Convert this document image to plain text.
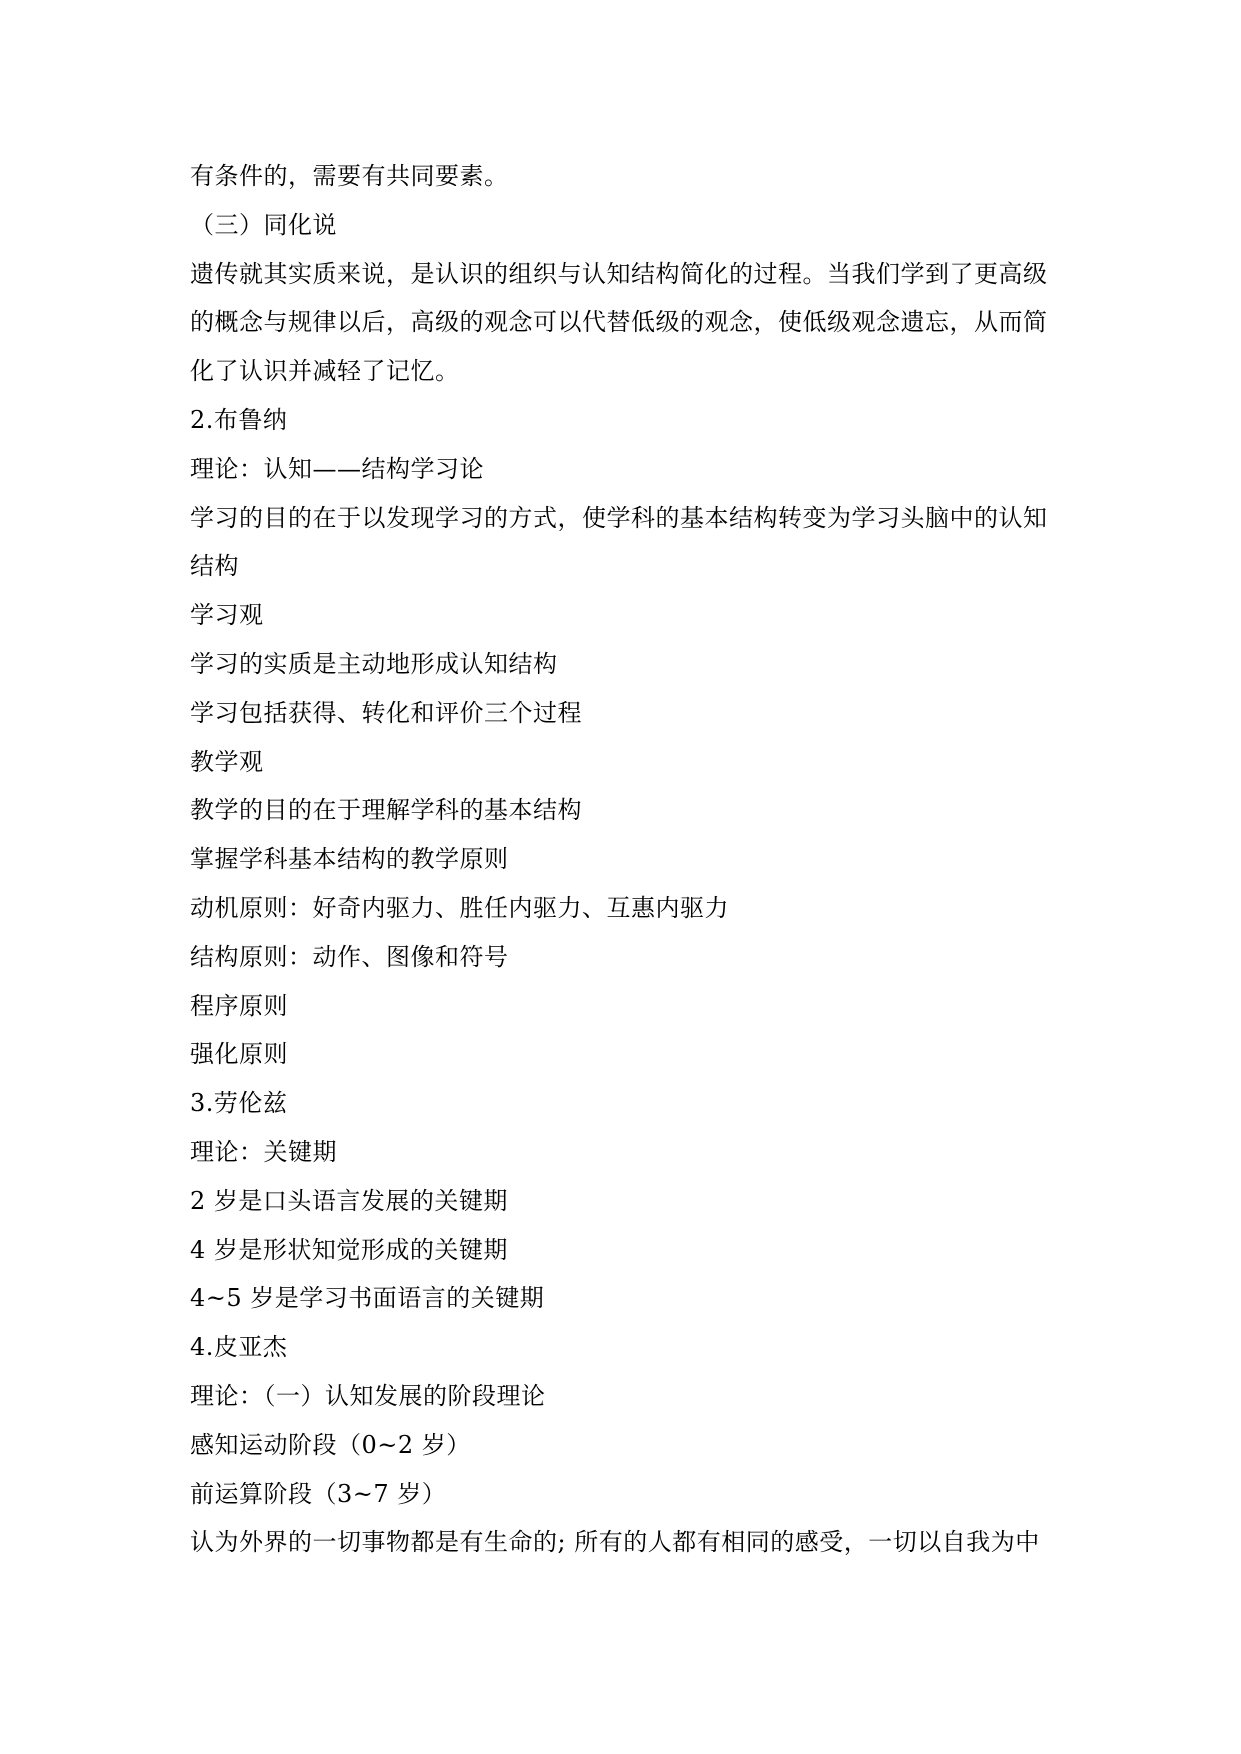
有条件的，需要有共同要素。
（三）同化说
遗传就其实质来说，是认识的组织与认知结构简化的过程。当我们学到了更高级
的概念与规律以后，高级的观念可以代替低级的观念，使低级观念遗忘，从而简
化了认识并减轻了记忆。
2.布鲁纳
理论：认知——结构学习论
学习的目的在于以发现学习的方式，使学科的基本结构转变为学习头脑中的认知
结构
学习观
学习的实质是主动地形成认知结构
学习包括获得、转化和评价三个过程
教学观
教学的目的在于理解学科的基本结构
掌握学科基本结构的教学原则
动机原则：好奇内驱力、胜任内驱力、互惠内驱力
结构原则：动作、图像和符号
程序原则
强化原则
3.劳伦兹
理论：关键期
2 岁是口头语言发展的关键期
4 岁是形状知觉形成的关键期
4~5 岁是学习书面语言的关键期
4.皮亚杰
理论：（一）认知发展的阶段理论
感知运动阶段（0~2 岁）
前运算阶段（3~7 岁）
认为外界的一切事物都是有生命的; 所有的人都有相同的感受，一切以自我为中
